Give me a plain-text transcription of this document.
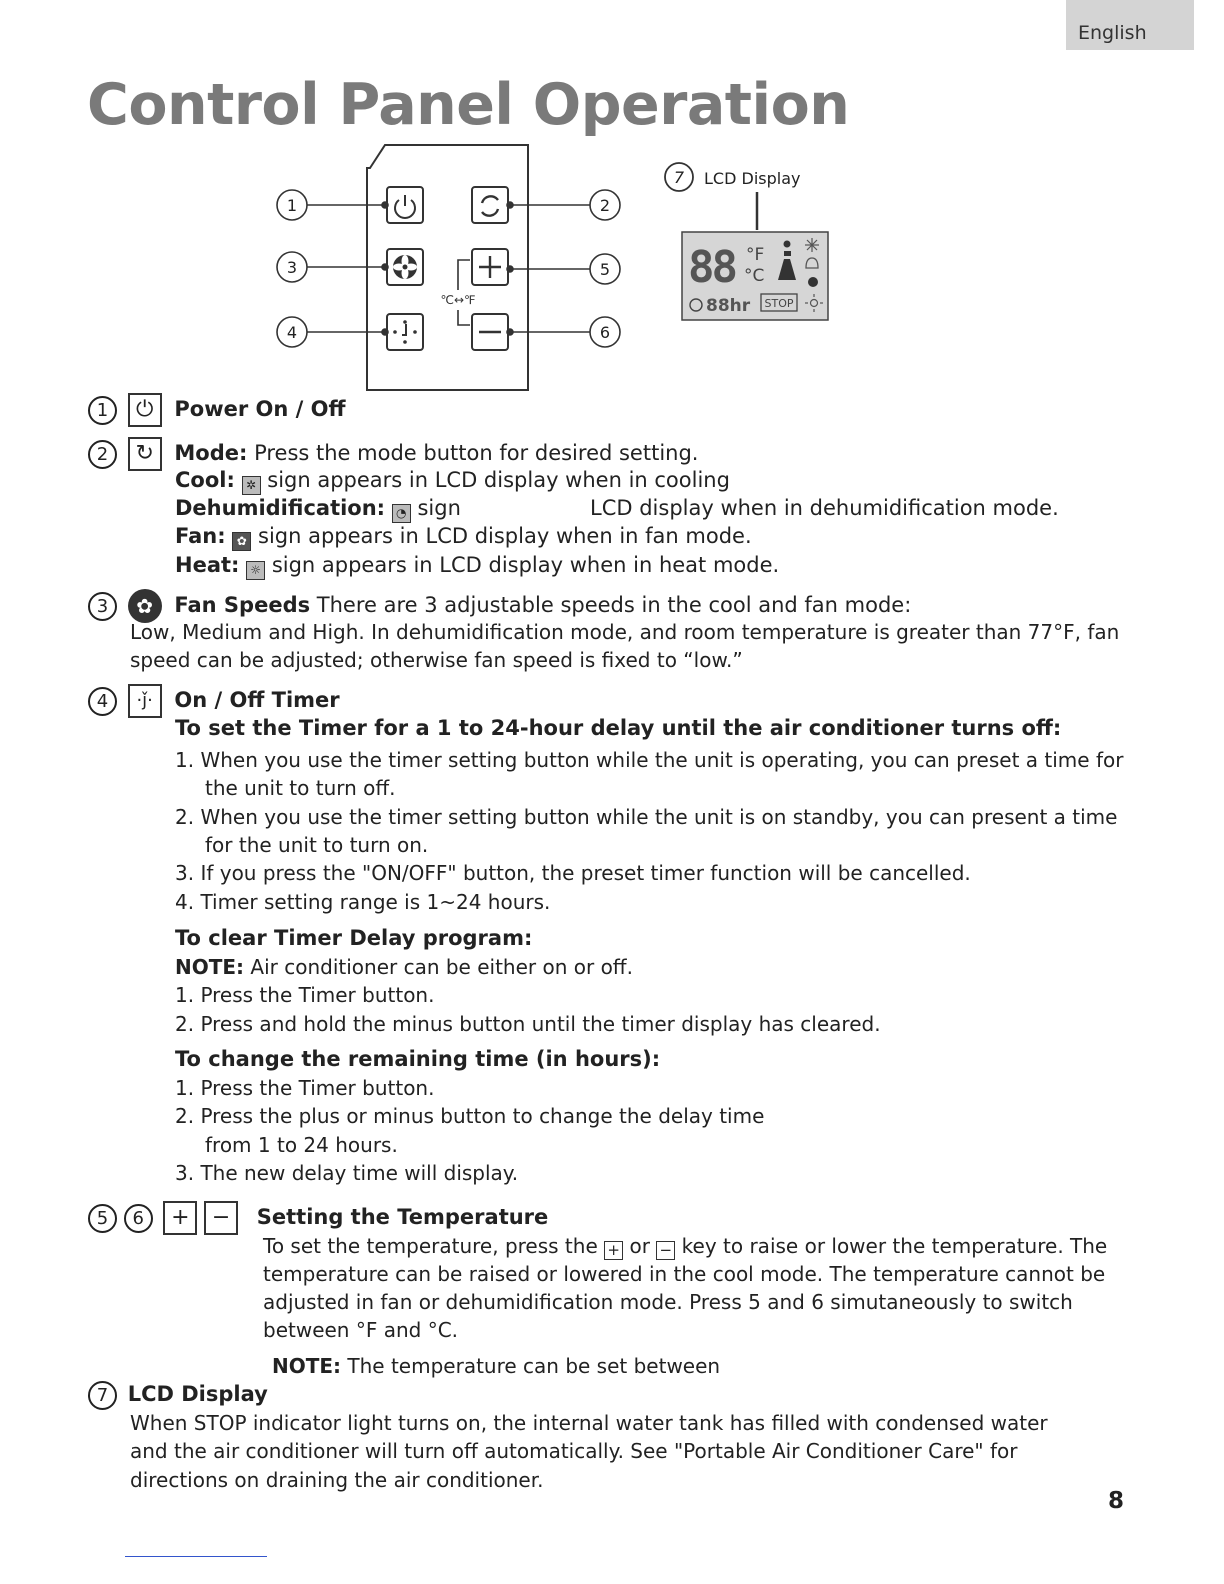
English
Control Panel Operation
1
3
4
2
5
6
℃↔℉
7 LCD Display
88 °F
°C
88hr STOP
1 ⏻ Power On / Off
2 ↻ Mode: Press the mode button for desired setting.
Cool: ✲ sign appears in LCD display when in cooling
Dehumidification: ◔ sign	LCD display when in dehumidification mode.
Fan: ✿ sign appears in LCD display when in fan mode.
Heat: ☼ sign appears in LCD display when in heat mode.
3 ✿ Fan Speeds There are 3 adjustable speeds in the cool and fan mode:
Low, Medium and High. In dehumidification mode, and room temperature is greater than 77°F, fan
speed can be adjusted; otherwise fan speed is fixed to “low.”
4 ·ǰ· On / Off Timer
To set the Timer for a 1 to 24-hour delay until the air conditioner turns off:
1. When you use the timer setting button while the unit is operating, you can preset a time for
the unit to turn off.
2. When you use the timer setting button while the unit is on standby, you can present a time
for the unit to turn on.
3. If you press the "ON/OFF" button, the preset timer function will be cancelled.
4. Timer setting range is 1~24 hours.
To clear Timer Delay program:
NOTE: Air conditioner can be either on or off.
1. Press the Timer button.
2. Press and hold the minus button until the timer display has cleared.
To change the remaining time (in hours):
1. Press the Timer button.
2. Press the plus or minus button to change the delay time
from 1 to 24 hours.
3. The new delay time will display.
5 6 + − Setting the Temperature
To set the temperature, press the + or − key to raise or lower the temperature. The
temperature can be raised or lowered in the cool mode. The temperature cannot be
adjusted in fan or dehumidification mode. Press 5 and 6 simutaneously to switch
between °F and °C.
NOTE: The temperature can be set between
7 LCD Display
When STOP indicator light turns on, the internal water tank has filled with condensed water
and the air conditioner will turn off automatically. See "Portable Air Conditioner Care" for
directions on draining the air conditioner.
8
